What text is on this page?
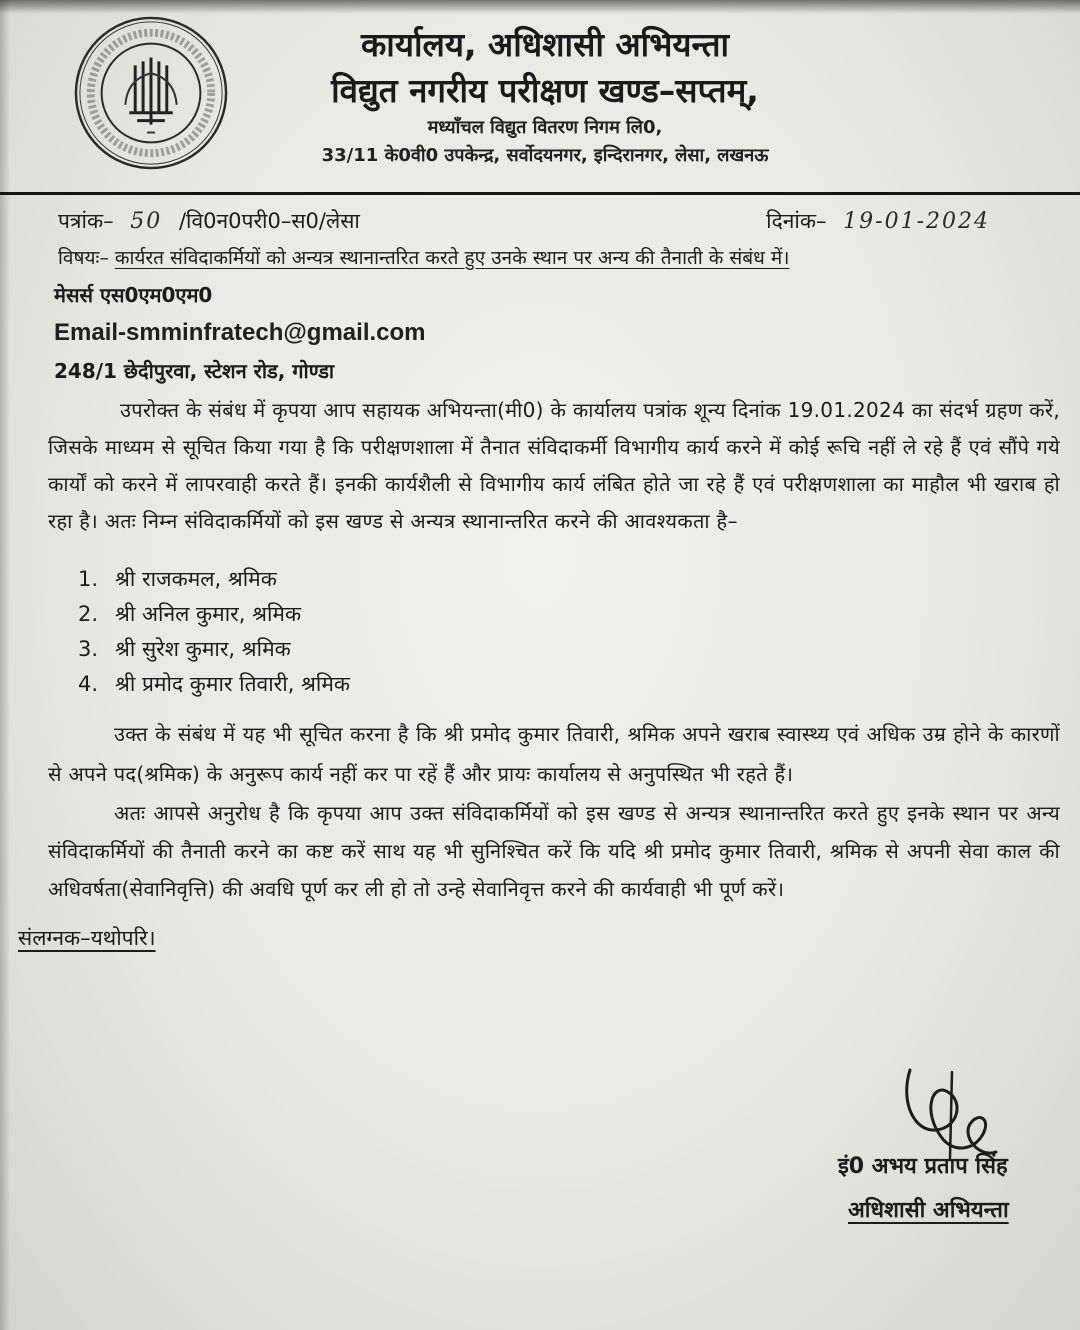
कार्यालय, अधिशासी अभियन्ता
विद्युत नगरीय परीक्षण खण्ड–सप्तम्,
मध्याँचल विद्युत वितरण निगम लि0,
33/11 के0वी0 उपकेन्द्र, सर्वोदयनगर, इन्दिरानगर, लेसा, लखनऊ
पत्रांक– 50 /वि0न0परी0–स0/लेसा	दिनांक– 19-01-2024
विषयः– कार्यरत संविदाकर्मियों को अन्यत्र स्थानान्तरित करते हुए उनके स्थान पर अन्य की तैनाती के संबंध में।
मेसर्स एस0एम0एम0
Email-smminfratech@gmail.com
248/1 छेदीपुरवा, स्टेशन रोड, गोण्डा

उपरोक्त के संबंध में कृपया आप सहायक अभियन्ता(मी0) के कार्यालय पत्रांक शून्य दिनांक 19.01.2024 का संदर्भ ग्रहण करें, जिसके माध्यम से सूचित किया गया है कि परीक्षणशाला में तैनात संविदाकर्मी विभागीय कार्य करने में कोई रूचि नहीं ले रहे हैं एवं सौंपे गये कार्यों को करने में लापरवाही करते हैं। इनकी कार्यशैली से विभागीय कार्य लंबित होते जा रहे हैं एवं परीक्षणशाला का माहौल भी खराब हो रहा है। अतः निम्न संविदाकर्मियों को इस खण्ड से अन्यत्र स्थानान्तरित करने की आवश्यकता है–

1. श्री राजकमल, श्रमिक
2. श्री अनिल कुमार, श्रमिक
3. श्री सुरेश कुमार, श्रमिक
4. श्री प्रमोद कुमार तिवारी, श्रमिक

उक्त के संबंध में यह भी सूचित करना है कि श्री प्रमोद कुमार तिवारी, श्रमिक अपने खराब स्वास्थ्य एवं अधिक उम्र होने के कारणों से अपने पद(श्रमिक) के अनुरूप कार्य नहीं कर पा रहें हैं और प्रायः कार्यालय से अनुपस्थित भी रहते हैं।

अतः आपसे अनुरोध है कि कृपया आप उक्त संविदाकर्मियों को इस खण्ड से अन्यत्र स्थानान्तरित करते हुए इनके स्थान पर अन्य संविदाकर्मियों की तैनाती करने का कष्ट करें साथ यह भी सुनिश्चित करें कि यदि श्री प्रमोद कुमार तिवारी, श्रमिक से अपनी सेवा काल की अधिवर्षता(सेवानिवृत्ति) की अवधि पूर्ण कर ली हो तो उन्हे सेवानिवृत्त करने की कार्यवाही भी पूर्ण करें।

संलग्नक–यथोपरि।
इं0 अभय प्रताप सिंह
अधिशासी अभियन्ता
